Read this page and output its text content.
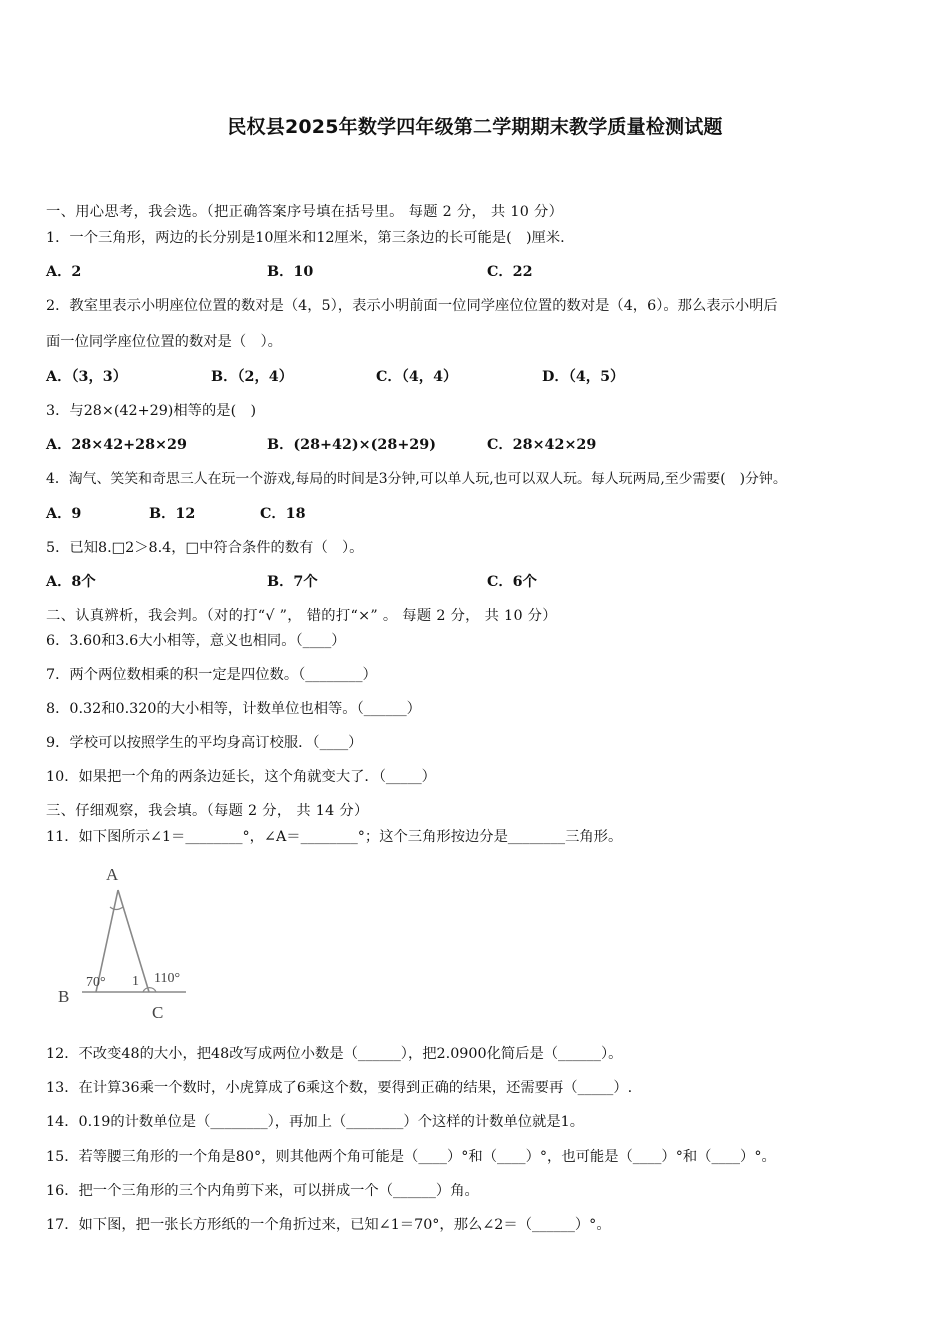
民权县2025年数学四年级第二学期期末教学质量检测试题
一、用心思考，我会选。（把正确答案序号填在括号里。 每题 2 分， 共 10 分）
1．一个三角形，两边的长分别是10厘米和12厘米，第三条边的长可能是(　)厘米.
A．2	B．10	C．22
2．教室里表示小明座位位置的数对是（4，5），表示小明前面一位同学座位位置的数对是（4，6）。那么表示小明后
面一位同学座位位置的数对是（　）。
A．（3，3）	B．（2，4）	C．（4，4）	D．（4，5）
3．与28×(42+29)相等的是(　)
A．28×42+28×29	B．(28+42)×(28+29)	C．28×42×29
4．淘气、笑笑和奇思三人在玩一个游戏,每局的时间是3分钟,可以单人玩,也可以双人玩。每人玩两局,至少需要(　)分钟。
A．9	B．12	C．18
5．已知8.□2＞8.4，□中符合条件的数有（　）。
A．8个	B．7个	C．6个
二、认真辨析，我会判。（对的打“√ ”， 错的打“×” 。 每题 2 分， 共 10 分）
6．3.60和3.6大小相等，意义也相同。（____）
7．两个两位数相乘的积一定是四位数。（________）
8．0.32和0.320的大小相等，计数单位也相等。（______）
9．学校可以按照学生的平均身高订校服．（____）
10．如果把一个角的两条边延长，这个角就变大了．（_____）
三、仔细观察，我会填。（每题 2 分， 共 14 分）
11．如下图所示∠1＝________°，∠A＝________°；这个三角形按边分是________三角形。
A
B
C
70° 1 110°
12．不改变48的大小，把48改写成两位小数是（______），把2.0900化简后是（______）。
13．在计算36乘一个数时，小虎算成了6乘这个数，要得到正确的结果，还需要再（_____）.
14．0.19的计数单位是（________），再加上（________）个这样的计数单位就是1。
15．若等腰三角形的一个角是80°，则其他两个角可能是（____）°和（____）°，也可能是（____）°和（____）°。
16．把一个三角形的三个内角剪下来，可以拼成一个（______）角。
17．如下图，把一张长方形纸的一个角折过来，已知∠1＝70°，那么∠2＝（______）°。
